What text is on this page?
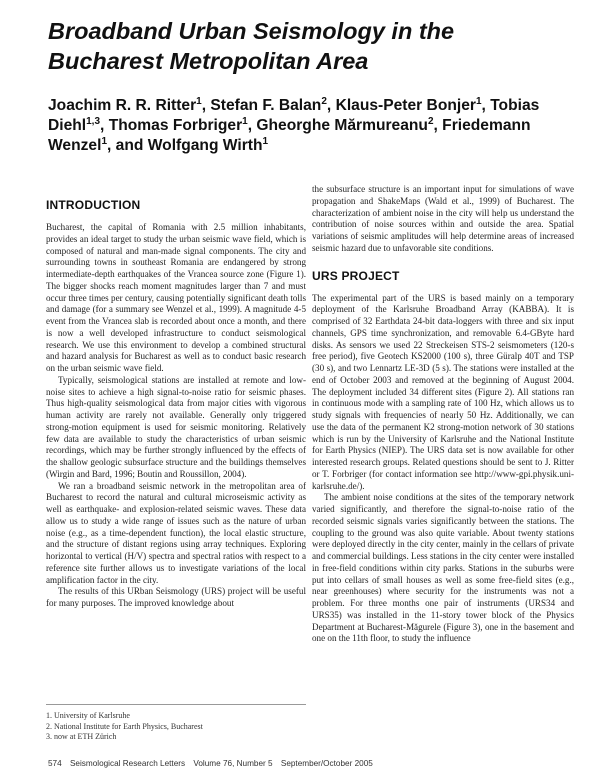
Broadband Urban Seismology in the Bucharest Metropolitan Area

Joachim R. R. Ritter$^1$, Stefan F. Balan$^2$, Klaus-Peter Bonjer$^1$, Tobias Diehl$^{1,3}$, Thomas Forbriger$^1$, Gheorghe Mărmureanu$^2$, Friedemann Wenzel$^1$, and Wolfgang Wirth$^1$

INTRODUCTION

Bucharest, the capital of Romania with 2.5 million inhabitants, provides an ideal target to study the urban seismic wave field, which is composed of natural and man-made signal components. The city and surrounding towns in southeast Romania are endangered by strong intermediate-depth earthquakes of the Vrancea source zone (Figure 1). The bigger shocks reach moment magnitudes larger than 7 and must occur three times per century, causing potentially significant death tolls and damage (for a summary see Wenzel et al., 1999). A magnitude 4-5 event from the Vrancea slab is recorded about once a month, and there is now a well developed infrastructure to conduct seismological research. We use this environment to develop a combined structural and hazard analysis for Bucharest as well as to conduct basic research on the urban seismic wave field.

Typically, seismological stations are installed at remote and low-noise sites to achieve a high signal-to-noise ratio for seismic phases. Thus high-quality seismological data from major cities with vigorous human activity are rarely not available. Generally only triggered strong-motion equipment is used for seismic monitoring. Relatively few data are available to study the characteristics of urban seismic recordings, which may be further strongly influenced by the effects of the shallow geologic subsurface structure and the buildings themselves (Wirgin and Bard, 1996; Boutin and Roussillon, 2004).

We ran a broadband seismic network in the metropolitan area of Bucharest to record the natural and cultural microseismic activity as well as earthquake- and explosion-related seismic waves. These data allow us to study a wide range of issues such as the nature of urban noise (e.g., as a time-dependent function), the local elastic structure, and the structure of distant regions using array techniques. Exploring horizontal to vertical (H/V) spectra and spectral ratios with respect to a reference site further allows us to investigate variations of the local amplification factor in the city.

The results of this URban Seismology (URS) project will be useful for many purposes. The improved knowledge about

the subsurface structure is an important input for simulations of wave propagation and ShakeMaps (Wald et al., 1999) of Bucharest. The characterization of ambient noise in the city will help us understand the contribution of noise sources within and outside the area. Spatial variations of seismic amplitudes will help determine areas of increased seismic hazard due to unfavorable site conditions.

URS PROJECT

The experimental part of the URS is based mainly on a temporary deployment of the Karlsruhe Broadband Array (KABBA). It is comprised of 32 Earthdata 24-bit data-loggers with three and six input channels, GPS time synchronization, and removable 6.4-GByte hard disks. As sensors we used 22 Streckeisen STS-2 seismometers (120-s free period), five Geotech KS2000 (100 s), three Güralp 40T and TSP (30 s), and two Lennartz LE-3D (5 s). The stations were installed at the end of October 2003 and removed at the beginning of August 2004. The deployment included 34 different sites (Figure 2). All stations ran in continuous mode with a sampling rate of 100 Hz, which allows us to study signals with frequencies of nearly 50 Hz. Additionally, we can use the data of the permanent K2 strong-motion network of 30 stations which is run by the University of Karlsruhe and the National Institute for Earth Physics (NIEP). The URS data set is now available for other interested research groups. Related questions should be sent to J. Ritter or T. Forbriger (for contact information see http://www-gpi.physik.uni-karlsruhe.de/).

The ambient noise conditions at the sites of the temporary network varied significantly, and therefore the signal-to-noise ratio of the recorded seismic signals varies significantly between the stations. The coupling to the ground was also quite variable. About twenty stations were deployed directly in the city center, mainly in the cellars of private and commercial buildings. Less stations in the city center were installed in free-field conditions within city parks. Stations in the suburbs were put into cellars of small houses as well as some free-field sites (e.g., near greenhouses) where security for the instruments was not a problem. For three months one pair of instruments (URS34 and URS35) was installed in the 11-story tower block of the Physics Department at Bucharest-Măgurele (Figure 3), one in the basement and one on the 11th floor, to study the influence

1. University of Karlsruhe

2. National Institute for Earth Physics, Bucharest

3. now at ETH Zürich

574 Seismological Research Letters Volume 76, Number 5 September/October 2005
